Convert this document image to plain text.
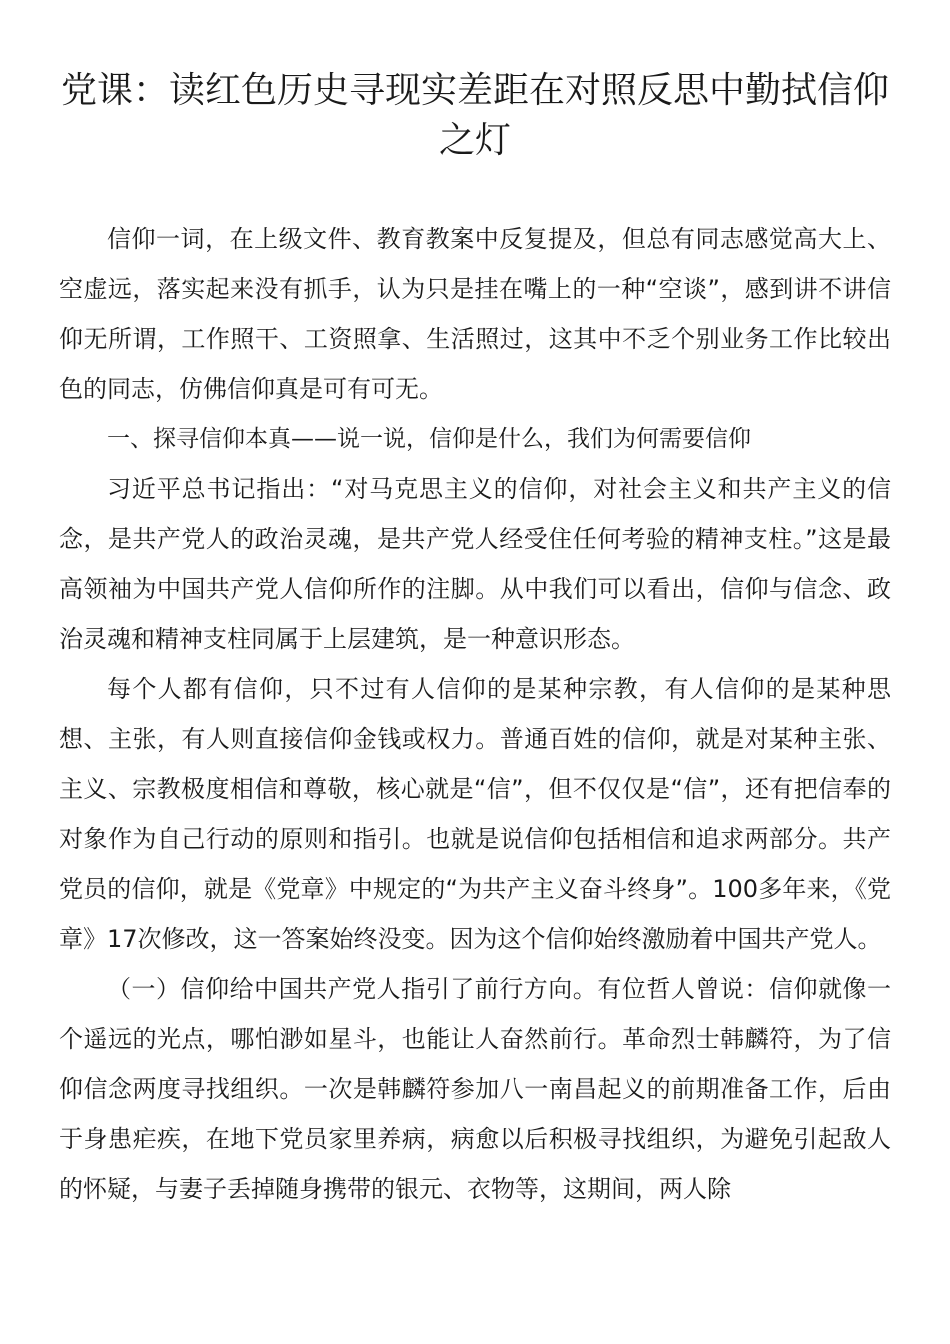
党课：读红色历史寻现实差距在对照反思中勤拭信仰之灯

信仰一词，在上级文件、教育教案中反复提及，但总有同志感觉高大上、空虚远，落实起来没有抓手，认为只是挂在嘴上的一种“空谈”，感到讲不讲信仰无所谓，工作照干、工资照拿、生活照过，这其中不乏个别业务工作比较出色的同志，仿佛信仰真是可有可无。

一、探寻信仰本真——说一说，信仰是什么，我们为何需要信仰

习近平总书记指出：“对马克思主义的信仰，对社会主义和共产主义的信念，是共产党人的政治灵魂，是共产党人经受住任何考验的精神支柱。”这是最高领袖为中国共产党人信仰所作的注脚。从中我们可以看出，信仰与信念、政治灵魂和精神支柱同属于上层建筑，是一种意识形态。

每个人都有信仰，只不过有人信仰的是某种宗教，有人信仰的是某种思想、主张，有人则直接信仰金钱或权力。普通百姓的信仰，就是对某种主张、主义、宗教极度相信和尊敬，核心就是“信”，但不仅仅是“信”，还有把信奉的对象作为自己行动的原则和指引。也就是说信仰包括相信和追求两部分。共产党员的信仰，就是《党章》中规定的“为共产主义奋斗终身”。100多年来，《党章》17次修改，这一答案始终没变。因为这个信仰始终激励着中国共产党人。

（一）信仰给中国共产党人指引了前行方向。有位哲人曾说：信仰就像一个遥远的光点，哪怕渺如星斗，也能让人奋然前行。革命烈士韩麟符，为了信仰信念两度寻找组织。一次是韩麟符参加八一南昌起义的前期准备工作，后由于身患疟疾，在地下党员家里养病，病愈以后积极寻找组织，为避免引起敌人的怀疑，与妻子丢掉随身携带的银元、衣物等，这期间，两人除
